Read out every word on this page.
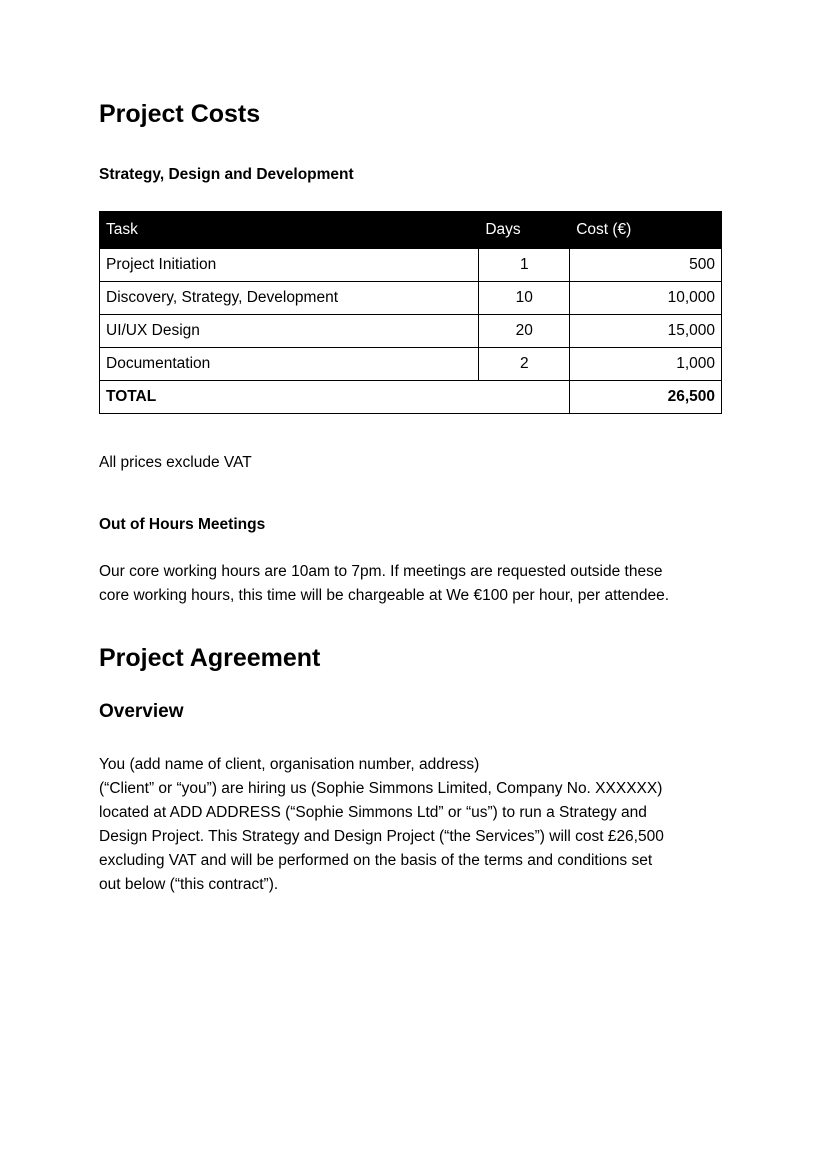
Project Costs
Strategy, Design and Development
Task	Days	Cost (€)
Project Initiation	1	500
Discovery, Strategy, Development	10	10,000
UI/UX Design	20	15,000
Documentation	2	1,000
TOTAL		26,500

All prices exclude VAT

Out of Hours Meetings

Our core working hours are 10am to 7pm. If meetings are requested outside these
core working hours, this time will be chargeable at We €100 per hour, per attendee.

Project Agreement
Overview

You (add name of client, organisation number, address)
(“Client” or “you”) are hiring us (Sophie Simmons Limited, Company No. XXXXXX)
located at ADD ADDRESS (“Sophie Simmons Ltd” or “us”) to run a Strategy and
Design Project. This Strategy and Design Project (“the Services”) will cost £26,500
excluding VAT and will be performed on the basis of the terms and conditions set
out below (“this contract”).
